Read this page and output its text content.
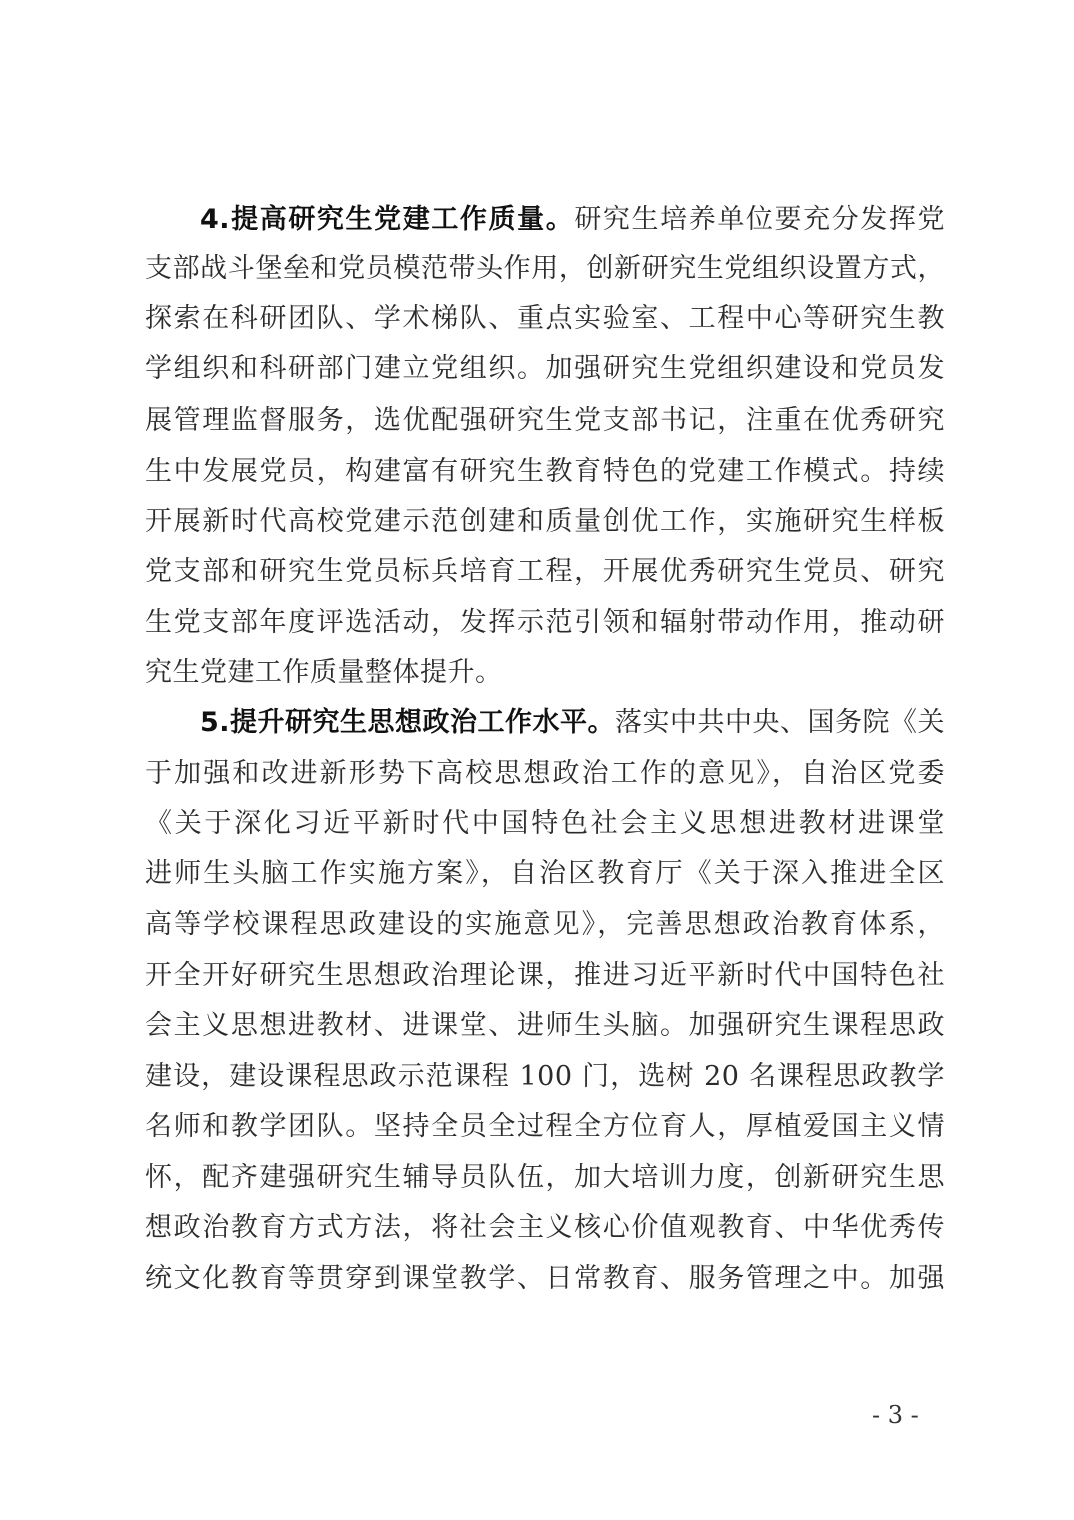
4.提高研究生党建工作质量。研究生培养单位要充分发挥党
支部战斗堡垒和党员模范带头作用，创新研究生党组织设置方式，
探索在科研团队、学术梯队、重点实验室、工程中心等研究生教
学组织和科研部门建立党组织。加强研究生党组织建设和党员发
展管理监督服务，选优配强研究生党支部书记，注重在优秀研究
生中发展党员，构建富有研究生教育特色的党建工作模式。持续
开展新时代高校党建示范创建和质量创优工作，实施研究生样板
党支部和研究生党员标兵培育工程，开展优秀研究生党员、研究
生党支部年度评选活动，发挥示范引领和辐射带动作用，推动研
究生党建工作质量整体提升。
5.提升研究生思想政治工作水平。落实中共中央、国务院《关
于加强和改进新形势下高校思想政治工作的意见》，自治区党委
《关于深化习近平新时代中国特色社会主义思想进教材进课堂
进师生头脑工作实施方案》，自治区教育厅《关于深入推进全区
高等学校课程思政建设的实施意见》，完善思想政治教育体系，
开全开好研究生思想政治理论课，推进习近平新时代中国特色社
会主义思想进教材、进课堂、进师生头脑。加强研究生课程思政
建设，建设课程思政示范课程 100 门，选树 20 名课程思政教学
名师和教学团队。坚持全员全过程全方位育人，厚植爱国主义情
怀，配齐建强研究生辅导员队伍，加大培训力度，创新研究生思
想政治教育方式方法，将社会主义核心价值观教育、中华优秀传
统文化教育等贯穿到课堂教学、日常教育、服务管理之中。加强
- 3 -
